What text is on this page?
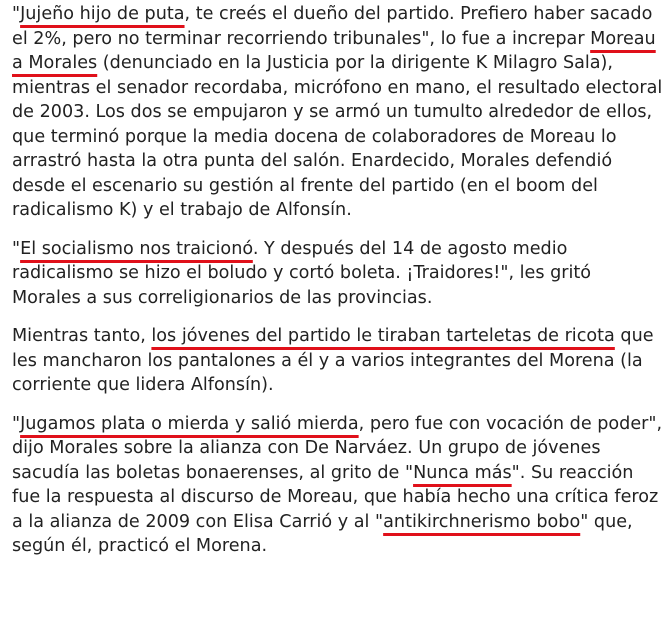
"Jujeño hijo de puta, te creés el dueño del partido. Prefiero haber sacado el 2%, pero no terminar recorriendo tribunales", lo fue a increpar Moreau a Morales (denunciado en la Justicia por la dirigente K Milagro Sala), mientras el senador recordaba, micrófono en mano, el resultado electoral de 2003. Los dos se empujaron y se armó un tumulto alrededor de ellos, que terminó porque la media docena de colaboradores de Moreau lo arrastró hasta la otra punta del salón. Enardecido, Morales defendió desde el escenario su gestión al frente del partido (en el boom del radicalismo K) y el trabajo de Alfonsín.

"El socialismo nos traicionó. Y después del 14 de agosto medio radicalismo se hizo el boludo y cortó boleta. ¡Traidores!", les gritó Morales a sus correligionarios de las provincias.

Mientras tanto, los jóvenes del partido le tiraban tarteletas de ricota que les mancharon los pantalones a él y a varios integrantes del Morena (la corriente que lidera Alfonsín).

"Jugamos plata o mierda y salió mierda, pero fue con vocación de poder", dijo Morales sobre la alianza con De Narváez. Un grupo de jóvenes sacudía las boletas bonaerenses, al grito de "Nunca más". Su reacción fue la respuesta al discurso de Moreau, que había hecho una crítica feroz a la alianza de 2009 con Elisa Carrió y al "antikirchnerismo bobo" que, según él, practicó el Morena.
